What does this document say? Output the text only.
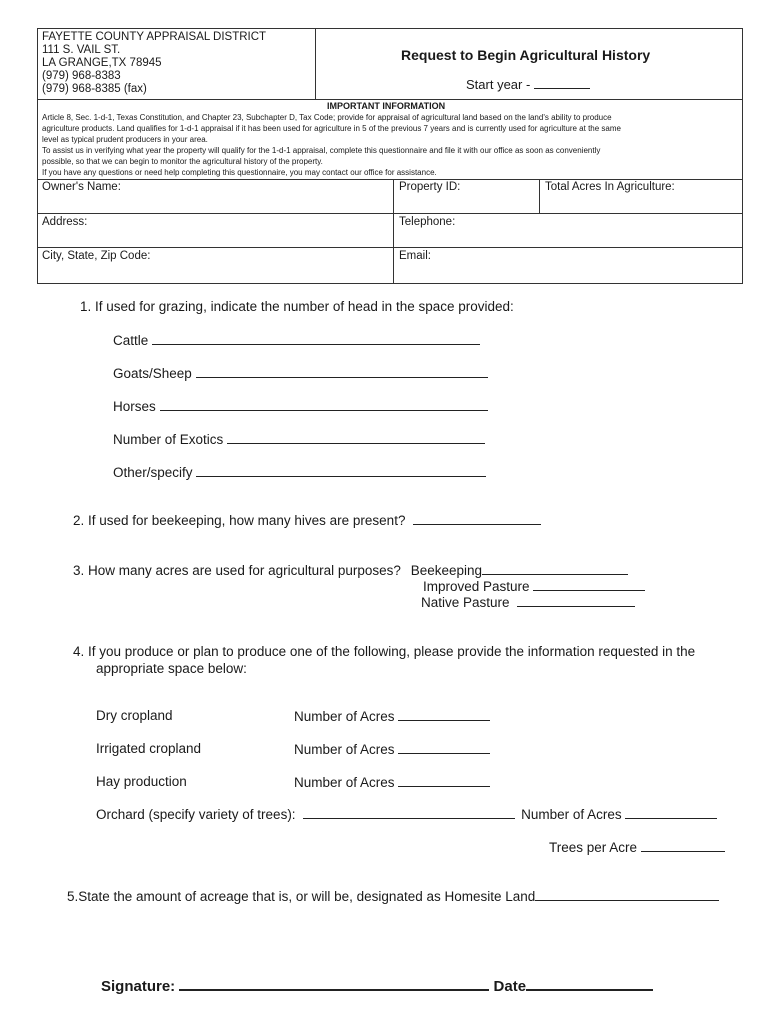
FAYETTE COUNTY APPRAISAL DISTRICT
111 S. VAIL ST.
LA GRANGE,TX 78945
(979) 968-8383
(979) 968-8385 (fax)
Request to Begin Agricultural History
Start year -
IMPORTANT INFORMATION
Article 8, Sec. 1-d-1, Texas Constitution, and Chapter 23, Subchapter D, Tax Code; provide for appraisal of agricultural land based on the land's ability to produce
agriculture products. Land qualifies for 1-d-1 appraisal if it has been used for agriculture in 5 of the previous 7 years and is currently used for agriculture at the same
level as typical prudent producers in your area.
To assist us in verifying what year the property will qualify for the 1-d-1 appraisal, complete this questionnaire and file it with our office as soon as conveniently
possible, so that we can begin to monitor the agricultural history of the property.
If you have any questions or need help completing this questionnaire, you may contact our office for assistance.
Owner's Name:	Property ID:	Total Acres In Agriculture:
Address:	Telephone:
City, State, Zip Code:	Email:
1. If used for grazing, indicate the number of head in the space provided:
Cattle
Goats/Sheep
Horses
Number of Exotics
Other/specify
2. If used for beekeeping, how many hives are present?
3. How many acres are used for agricultural purposes? Beekeeping
Improved Pasture
Native Pasture
4. If you produce or plan to produce one of the following, please provide the information requested in the
appropriate space below:
Dry cropland	Number of Acres
Irrigated cropland	Number of Acres
Hay production	Number of Acres
Orchard (specify variety of trees):	Number of Acres
Trees per Acre
5.State the amount of acreage that is, or will be, designated as Homesite Land
Signature:	Date
